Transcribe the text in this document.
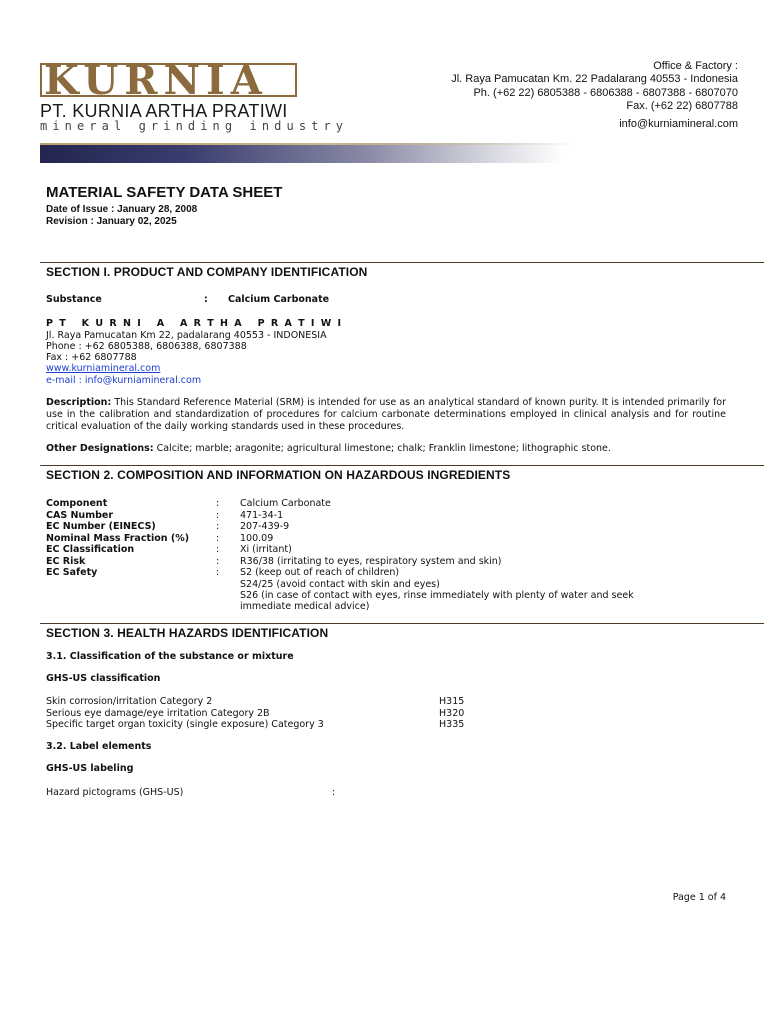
KURNIA
PT. KURNIA ARTHA PRATIWI
mineral grinding industry
Office & Factory :
Jl. Raya Pamucatan Km. 22 Padalarang 40553 - Indonesia
Ph. (+62 22) 6805388 - 6806388 - 6807388 - 6807070
Fax. (+62 22) 6807788
info@kurniamineral.com
MATERIAL SAFETY DATA SHEET
Date of Issue : January 28, 2008
Revision : January 02, 2025
SECTION I. PRODUCT AND COMPANY IDENTIFICATION
Substance	: Calcium Carbonate
P T   K U R N I   A   A R T H A   P R A T I W I
Jl. Raya Pamucatan Km 22, padalarang 40553 - INDONESIA
Phone : +62 6805388, 6806388, 6807388
Fax : +62 6807788
www.kurniamineral.com
e-mail : info@kurniamineral.com
Description: This Standard Reference Material (SRM) is intended for use as an analytical standard of known purity. It is intended primarily for use in the calibration and standardization of procedures for calcium carbonate determinations employed in clinical analysis and for routine critical evaluation of the daily working standards used in these procedures.
Other Designations: Calcite; marble; aragonite; agricultural limestone; chalk; Franklin limestone; lithographic stone.
SECTION 2. COMPOSITION AND INFORMATION ON HAZARDOUS INGREDIENTS
Component	: Calcium Carbonate
CAS Number	: 471-34-1
EC Number (EINECS)	: 207-439-9
Nominal Mass Fraction (%)	: 100.09
EC Classification	: Xi (irritant)
EC Risk	: R36/38 (irritating to eyes, respiratory system and skin)
EC Safety	: S2 (keep out of reach of children)
S24/25 (avoid contact with skin and eyes)
S26 (in case of contact with eyes, rinse immediately with plenty of water and seek
immediate medical advice)
SECTION 3. HEALTH HAZARDS IDENTIFICATION
3.1. Classification of the substance or mixture
GHS-US classification
Skin corrosion/irritation Category 2	H315
Serious eye damage/eye irritation Category 2B	H320
Specific target organ toxicity (single exposure) Category 3	H335
3.2. Label elements
GHS-US labeling
Hazard pictograms (GHS-US)	:
Page 1 of 4
